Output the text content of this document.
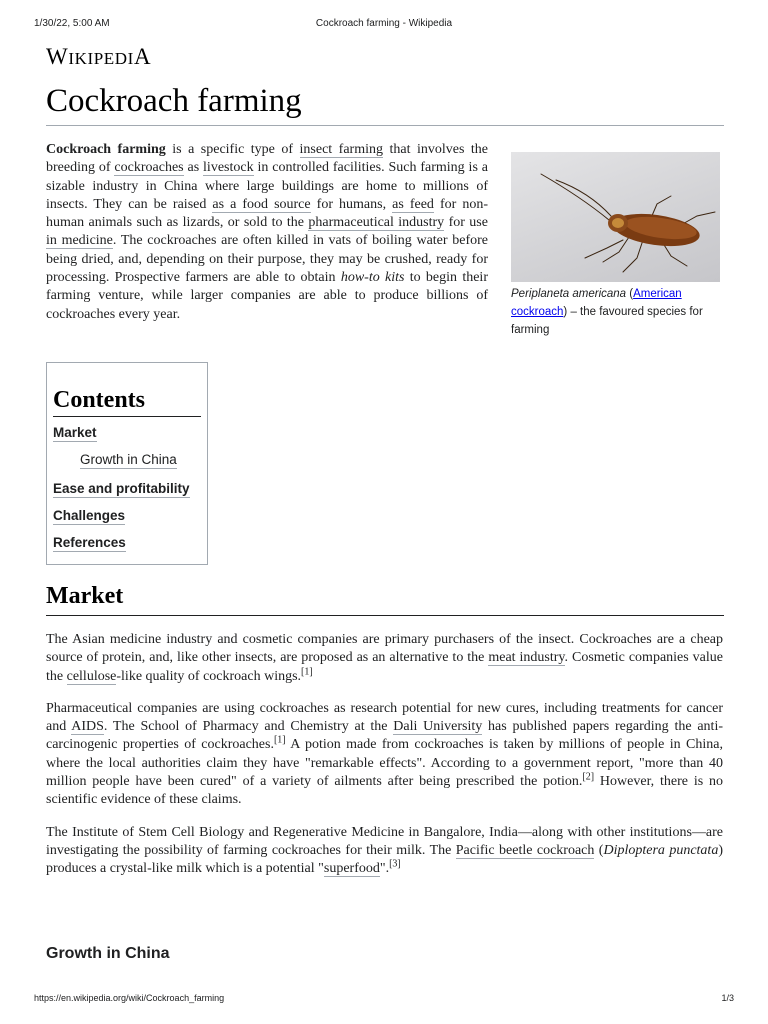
1/30/22, 5:00 AM	Cockroach farming - Wikipedia
WIKIPEDIA
Cockroach farming

Cockroach farming is a specific type of insect farming that involves the breeding of cockroaches as livestock in controlled facilities. Such farming is a sizable industry in China where large buildings are home to millions of insects. They can be raised as a food source for humans, as feed for non-human animals such as lizards, or sold to the pharmaceutical industry for use in medicine. The cockroaches are often killed in vats of boiling water before being dried, and, depending on their purpose, they may be crushed, ready for processing. Prospective farmers are able to obtain how-to kits to begin their farming venture, while larger companies are able to produce billions of cockroaches every year.

Periplaneta americana (American cockroach) – the favoured species for farming
Contents
Market
Growth in China
Ease and profitability
Challenges
References
Market

The Asian medicine industry and cosmetic companies are primary purchasers of the insect. Cockroaches are a cheap source of protein, and, like other insects, are proposed as an alternative to the meat industry. Cosmetic companies value the cellulose-like quality of cockroach wings.[1]

Pharmaceutical companies are using cockroaches as research potential for new cures, including treatments for cancer and AIDS. The School of Pharmacy and Chemistry at the Dali University has published papers regarding the anti-carcinogenic properties of cockroaches.[1] A potion made from cockroaches is taken by millions of people in China, where the local authorities claim they have "remarkable effects". According to a government report, "more than 40 million people have been cured" of a variety of ailments after being prescribed the potion.[2] However, there is no scientific evidence of these claims.

The Institute of Stem Cell Biology and Regenerative Medicine in Bangalore, India—along with other institutions—are investigating the possibility of farming cockroaches for their milk. The Pacific beetle cockroach (Diploptera punctata) produces a crystal-like milk which is a potential "superfood".[3]

Growth in China
https://en.wikipedia.org/wiki/Cockroach_farming	1/3
